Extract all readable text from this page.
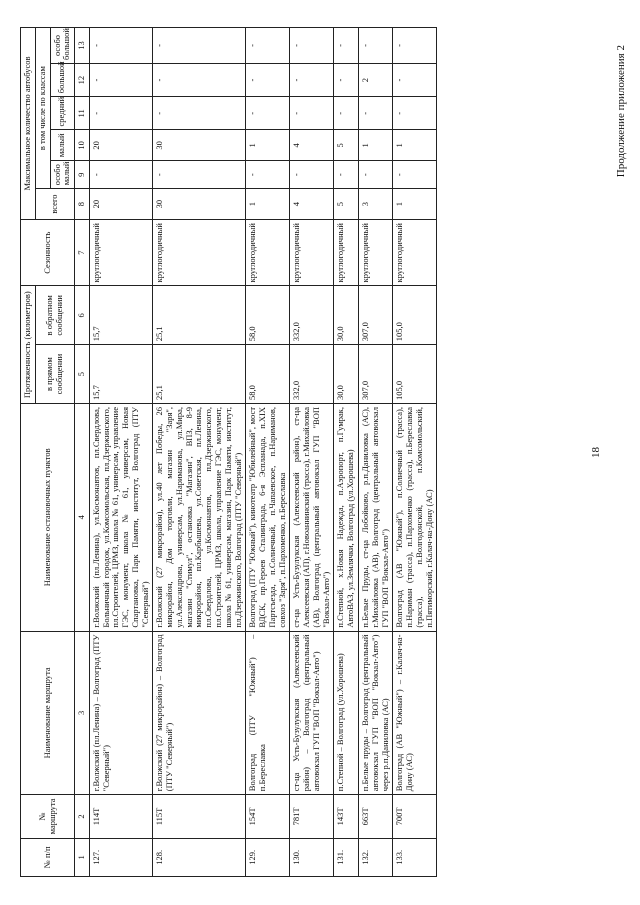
Продолжение приложения 2
№ п/п	№ маршрута	Наименование маршрута	Наименование остановочных пунктов	Протяженность (километров)		Сезонность	Максимальное количество автобусов					
				в прямом сообщении	в обратном сообщении		всего	в том числе по классам				
								особо малый	малый	средний	большой	особо большой
1	2	3	4	5	6	7	8	9	10	11	12	13
127.	114Т	г.Волжский (пл.Ленина) – Волгоград (ПТУ "Северный")	г.Волжский (пл.Ленина), ул.Космонавтов, пл.Свердлова, Больничный городок, ул.Комсомольская, пл.Дзержинского, пл.Строителей, ЦРМЗ, школа № 61, универсам, управление ГЭС, монумент, школа № 61, универсам, Новая Спартановка, Парк Памяти, институт, Волгоград (ПТУ "Северный")	15,7	15,7	круглогодичный	20	-	20	-	-	-
128.	115Т	г.Волжский (27 микрорайон) – Волгоград (ПТУ "Северный")	г.Волжский (27 микрорайон), ул.40 лет Победы, 26 микрорайон, Дом торговли, магазин "Заря", ул.Александрова, универсам, ул.Нариманова, ул.Мира, магазин "Стимул", остановка "Магазин", ВПЗ, 8-9 микрорайон, пл.Карбышева, ул.Советская, пл.Ленина, пл.Свердлова, ул.Космонавтов, пл.Дзержинского, пл.Строителей, ЦРМЗ, школа, управление ГЭС, монумент, школа № 61, универсам, магазин, Парк Памяти, институт, пл.Дзержинского, Волгоград (ПТУ "Северный")	25,1	25,1	круглогодичный	30	-	30	-	-	-
129.	154Т	Волгоград (ПТУ "Южный") – п.Береславка	Волгоград (ПТУ "Южный"), кинотеатр "Юбилейный", мост ВДСК, пр.Героев Сталинграда, 6-я Эспланада, п.XIX Партсъезда, п.Солнечный, п.Чапаевское, п.Нариманов, совхоз "Заря", п.Пархоменко, п.Береславка	58,0	58,0	круглогодичный	1	-	1	-	-	-
130.	781Т	ст-ца Усть-Бузулукская (Алексеевский район) – Волгоград (центральный автовокзал ГУП "ВОП "Вокзал-Авто")	ст-ца Усть-Бузулукская (Алексеевский район), ст-ца Алексеевская (АП), г.Новоаннинский (трасса), г.Михайловка (АВ), Волгоград (центральный автовокзал ГУП "ВОП "Вокзал-Авто")	332,0	332,0	круглогодичный	4	-	4	-	-	-
131.	143Т	п.Степной – Волгоград (ул.Хорошева)	п.Степной, х.Новая Надежда, п.Аэропорт, п.Гумрак, АвтоВАЗ, ул.Землячки, Волгоград (ул.Хорошева)	30,0	30,0	круглогодичный	5	-	5	-	-	-
132.	663Т	п.Белые пруды – Волгоград (центральный автовокзал ГУП "ВОП "Вокзал-Авто") через р.п.Даниловка (АС)	п.Белые Пруды, ст-ца Лобойково, р.п.Даниловка (АС), г.Михайловка (АВ), Волгоград (центральный автовокзал ГУП "ВОП "Вокзал-Авто")	307,0	307,0	круглогодичный	3	-	1	-	2	-
133.	700Т	Волгоград (АВ "Южный") – г.Калач-на-Дону (АС)	Волгоград (АВ "Южный"), п.Солнечный (трасса), п.Нариман (трасса), п.Пархоменко (трасса), п.Береславка (трасса), п.Волгодонской, п.Комсомольский, п.Пятиморский, г.Калач-на-Дону (АС)	105,0	105,0	круглогодичный	1	-	1	-	-	-
18
